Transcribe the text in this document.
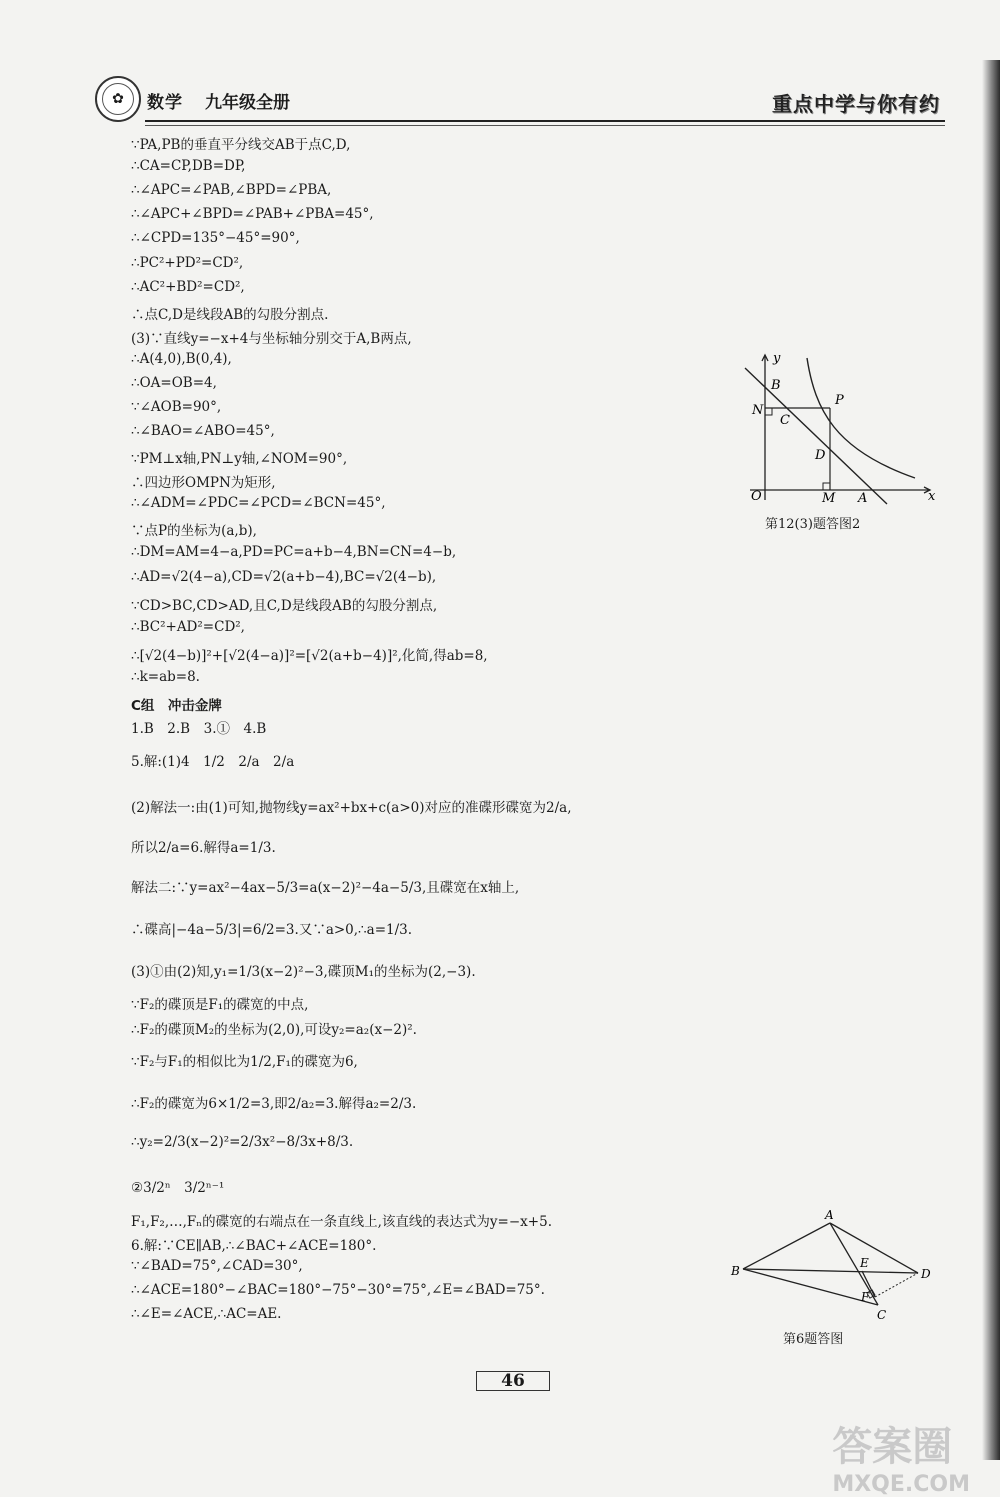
✿ 数学 九年级全册	重点中学与你有约
∵PA,PB的垂直平分线交AB于点C,D,
∴CA=CP,DB=DP,
∴∠APC=∠PAB,∠BPD=∠PBA,
∴∠APC+∠BPD=∠PAB+∠PBA=45°,
∴∠CPD=135°−45°=90°,
∴PC²+PD²=CD²,
∴AC²+BD²=CD²,
∴点C,D是线段AB的勾股分割点.
(3)∵直线y=−x+4与坐标轴分别交于A,B两点,
∴A(4,0),B(0,4),
∴OA=OB=4,
∵∠AOB=90°,
∴∠BAO=∠ABO=45°,
∵PM⊥x轴,PN⊥y轴,∠NOM=90°,
∴四边形OMPN为矩形,
∴∠ADM=∠PDC=∠PCD=∠BCN=45°,
∵点P的坐标为(a,b),
∴DM=AM=4−a,PD=PC=a+b−4,BN=CN=4−b,
∴AD=√2(4−a),CD=√2(a+b−4),BC=√2(4−b),
∵CD>BC,CD>AD,且C,D是线段AB的勾股分割点,
∴BC²+AD²=CD²,
∴[√2(4−b)]²+[√2(4−a)]²=[√2(a+b−4)]²,化简,得ab=8,
∴k=ab=8.
C组　冲击金牌
1.B　2.B　3.①　4.B
5.解:(1)4　1/2　2/a　2/a
(2)解法一:由(1)可知,抛物线y=ax²+bx+c(a>0)对应的准碟形碟宽为2/a,
所以2/a=6.解得a=1/3.
解法二:∵y=ax²−4ax−5/3=a(x−2)²−4a−5/3,且碟宽在x轴上,
∴碟高|−4a−5/3|=6/2=3.又∵a>0,∴a=1/3.
(3)①由(2)知,y₁=1/3(x−2)²−3,碟顶M₁的坐标为(2,−3).
∵F₂的碟顶是F₁的碟宽的中点,
∴F₂的碟顶M₂的坐标为(2,0),可设y₂=a₂(x−2)².
∵F₂与F₁的相似比为1/2,F₁的碟宽为6,
∴F₂的碟宽为6×1/2=3,即2/a₂=3.解得a₂=2/3.
∴y₂=2/3(x−2)²=2/3x²−8/3x+8/3.
②3/2ⁿ　3/2ⁿ⁻¹
F₁,F₂,…,Fₙ的碟宽的右端点在一条直线上,该直线的表达式为y=−x+5.
6.解:∵CE∥AB,∴∠BAC+∠ACE=180°.
∵∠BAD=75°,∠CAD=30°,
∴∠ACE=180°−∠BAC=180°−75°−30°=75°,∠E=∠BAD=75°.
∴∠E=∠ACE,∴AC=AE.
y
x
O
B
N
C
P
D
M A
第12(3)题答图2
A
B
E
D
F
C
第6题答图
46
答案圈
MXQE.COM
